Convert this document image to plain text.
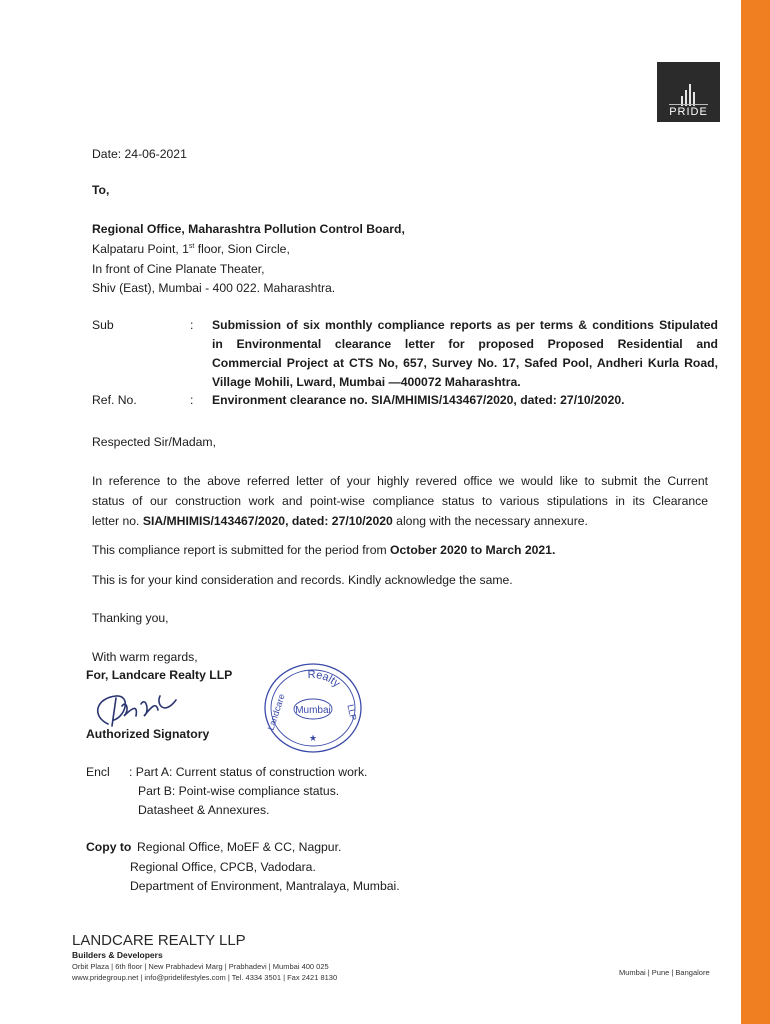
PRIDE
Date: 24-06-2021
To,
Regional Office, Maharashtra Pollution Control Board,
Kalpataru Point, 1st floor, Sion Circle,
In front of Cine Planate Theater,
Shiv (East), Mumbai - 400 022. Maharashtra.
Sub	: Submission of six monthly compliance reports as per terms & conditions Stipulated
in Environmental clearance letter for proposed Proposed Residential and
Commercial Project at CTS No, 657, Survey No. 17, Safed Pool, Andheri Kurla Road,
Village Mohili, Lward, Mumbai —400072 Maharashtra.
Ref. No.	: Environment clearance no. SIA/MHIMIS/143467/2020, dated: 27/10/2020.
Respected Sir/Madam,
In reference to the above referred letter of your highly revered office we would like to submit the Current
status of our construction work and point-wise compliance status to various stipulations in its Clearance
letter no. SIA/MHIMIS/143467/2020, dated: 27/10/2020 along with the necessary annexure.
This compliance report is submitted for the period from October 2020 to March 2021.
This is for your kind consideration and records. Kindly acknowledge the same.
Thanking you,
With warm regards,
For, Landcare Realty LLP
Authorized Signatory
Realty
Landcare	LLP
Mumbai
★
Encl : Part A: Current status of construction work.
Part B: Point-wise compliance status.
Datasheet & Annexures.
Copy to Regional Office, MoEF & CC, Nagpur.
Regional Office, CPCB, Vadodara.
Department of Environment, Mantralaya, Mumbai.
LANDCARE REALTY LLP
Builders & Developers
Orbit Plaza | 6th floor | New Prabhadevi Marg | Prabhadevi | Mumbai 400 025
www.pridegroup.net | info@pridelifestyles.com | Tel. 4334 3501 | Fax 2421 8130
Mumbai | Pune | Bangalore
